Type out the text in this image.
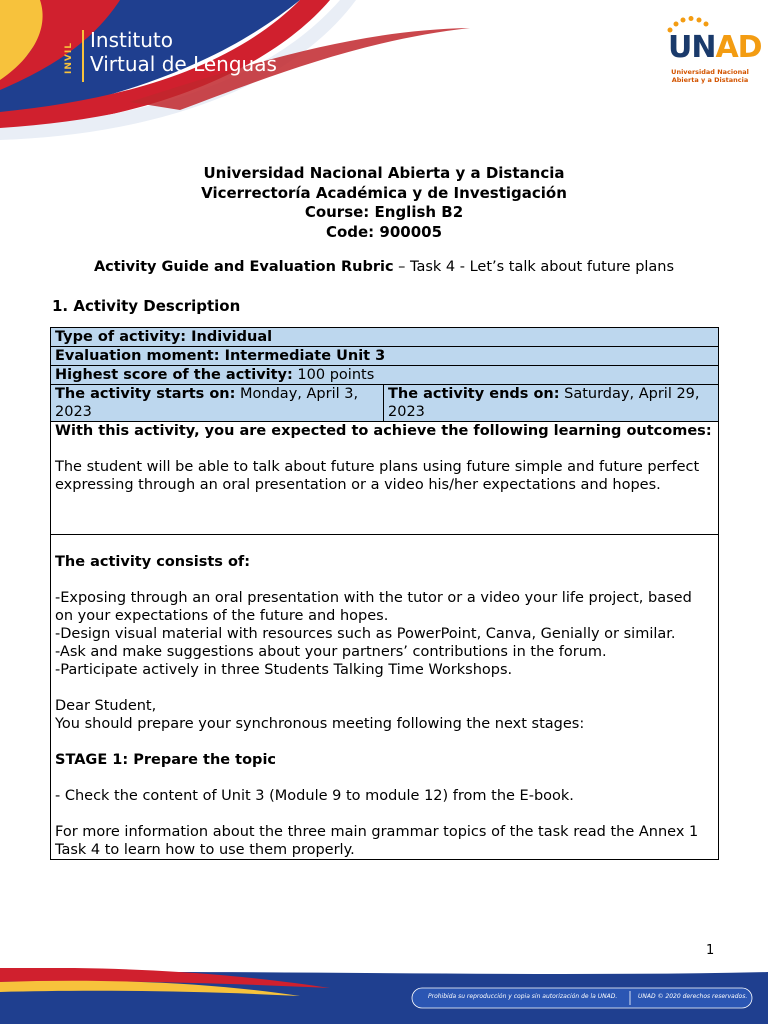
INVIL
Instituto
Virtual de Lenguas	UNAD
Universidad Nacional
Abierta y a Distancia
Universidad Nacional Abierta y a Distancia
Vicerrectoría Académica y de Investigación
Course: English B2
Code: 900005
Activity Guide and Evaluation Rubric – Task 4 - Let’s talk about future plans
1. Activity Description
Type of activity: Individual
Evaluation moment: Intermediate Unit 3
Highest score of the activity: 100 points
The activity starts on: Monday, April 3, 2023	The activity ends on: Saturday, April 29, 2023

With this activity, you are expected to achieve the following learning outcomes:

The student will be able to talk about future plans using future simple and future perfect expressing through an oral presentation or a video his/her expectations and hopes.

The activity consists of:

-Exposing through an oral presentation with the tutor or a video your life project, based on your expectations of the future and hopes.

-Design visual material with resources such as PowerPoint, Canva, Genially or similar.

-Ask and make suggestions about your partners’ contributions in the forum.

-Participate actively in three Students Talking Time Workshops.

Dear Student,

You should prepare your synchronous meeting following the next stages:

STAGE 1: Prepare the topic

- Check the content of Unit 3 (Module 9 to module 12) from the E-book.

For more information about the three main grammar topics of the task read the Annex 1 Task 4 to learn how to use them properly.

1
Prohibida su reproducción y copia sin autorización de la UNAD.	UNAD © 2020 derechos reservados.
